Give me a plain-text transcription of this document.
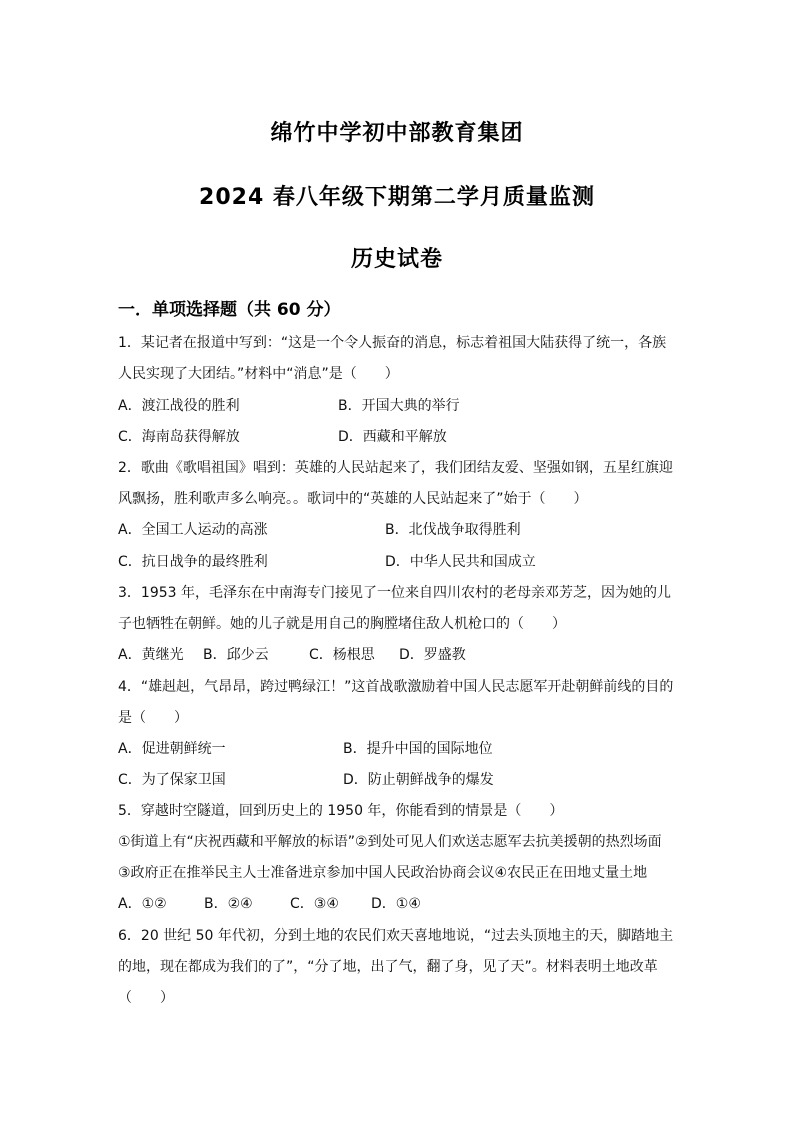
绵竹中学初中部教育集团
2024 春八年级下期第二学月质量监测
历史试卷
一．单项选择题（共 60 分）
1．某记者在报道中写到：“这是一个令人振奋的消息，标志着祖国大陆获得了统一，各族
人民实现了大团结。”材料中“消息”是（　　）
A．渡江战役的胜利	B．开国大典的举行
C．海南岛获得解放	D．西藏和平解放
2．歌曲《歌唱祖国》唱到：英雄的人民站起来了，我们团结友爱、坚强如钢，五星红旗迎
风飘扬，胜利歌声多么响亮。。歌词中的“英雄的人民站起来了”始于（　　）
A．全国工人运动的高涨	B．北伐战争取得胜利
C．抗日战争的最终胜利	D．中华人民共和国成立
3．1953 年，毛泽东在中南海专门接见了一位来自四川农村的老母亲邓芳芝，因为她的儿
子也牺牲在朝鲜。她的儿子就是用自己的胸膛堵住敌人机枪口的（　　）
A．黄继光 B．邱少云	C．杨根思 D．罗盛教
4．“雄赳赳，气昂昂，跨过鸭绿江！”这首战歌激励着中国人民志愿军开赴朝鲜前线的目的
是（　　）
A．促进朝鲜统一	B．提升中国的国际地位
C．为了保家卫国	D．防止朝鲜战争的爆发
5．穿越时空隧道，回到历史上的 1950 年，你能看到的情景是（　　）
①街道上有“庆祝西藏和平解放的标语”②到处可见人们欢送志愿军去抗美援朝的热烈场面
③政府正在推举民主人士准备进京参加中国人民政治协商会议④农民正在田地丈量土地
A．①②	B．②④	C．③④ D．①④
6．20 世纪 50 年代初，分到土地的农民们欢天喜地地说，“过去头顶地主的天，脚踏地主
的地，现在都成为我们的了”，“分了地，出了气，翻了身，见了天”。材料表明土地改革
（　　）
